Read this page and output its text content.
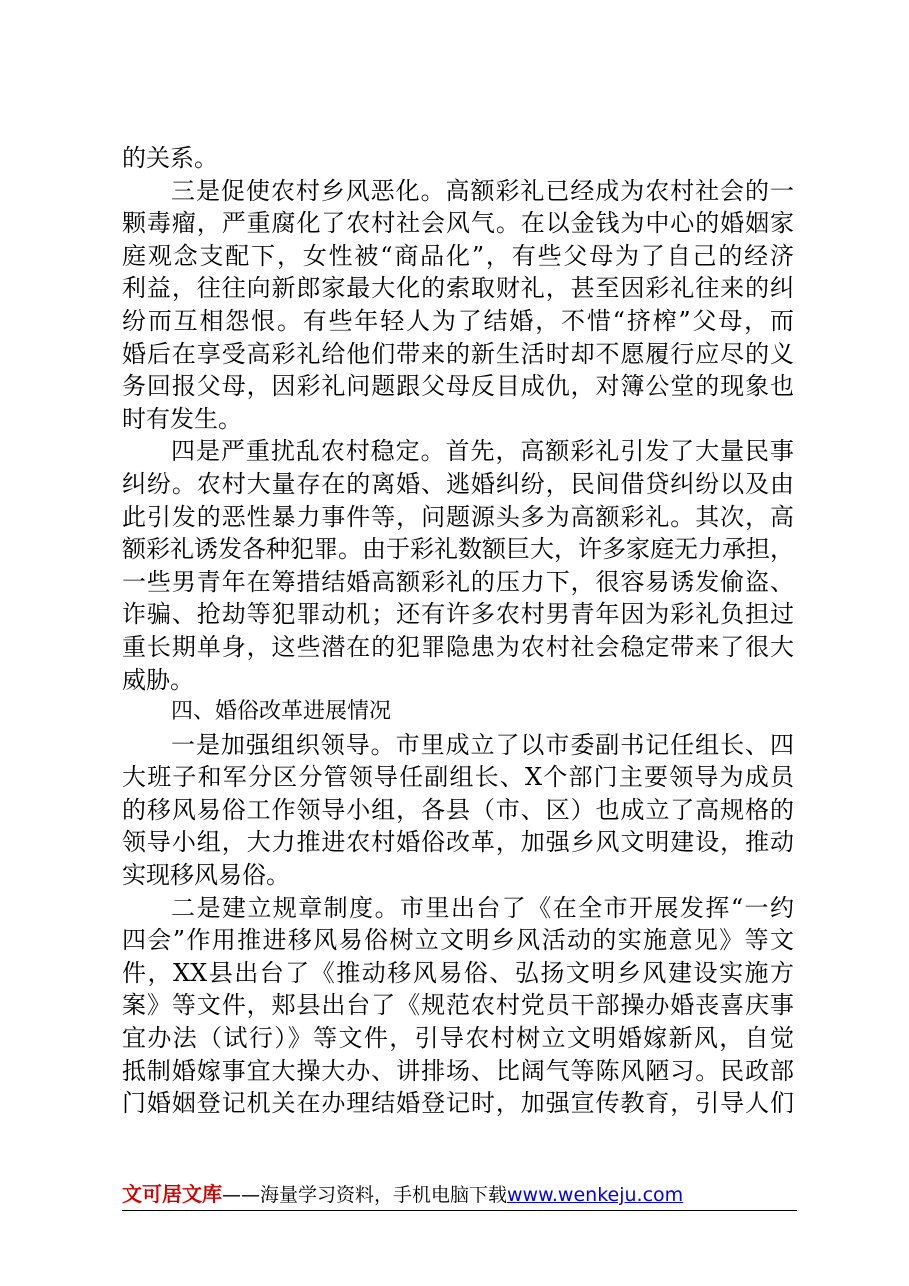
的关系。
三是促使农村乡风恶化。高额彩礼已经成为农村社会的一
颗毒瘤，严重腐化了农村社会风气。在以金钱为中心的婚姻家
庭观念支配下，女性被“商品化”，有些父母为了自己的经济
利益，往往向新郎家最大化的索取财礼，甚至因彩礼往来的纠
纷而互相怨恨。有些年轻人为了结婚，不惜“挤榨”父母，而
婚后在享受高彩礼给他们带来的新生活时却不愿履行应尽的义
务回报父母，因彩礼问题跟父母反目成仇，对簿公堂的现象也
时有发生。
四是严重扰乱农村稳定。首先，高额彩礼引发了大量民事
纠纷。农村大量存在的离婚、逃婚纠纷，民间借贷纠纷以及由
此引发的恶性暴力事件等，问题源头多为高额彩礼。其次，高
额彩礼诱发各种犯罪。由于彩礼数额巨大，许多家庭无力承担，
一些男青年在筹措结婚高额彩礼的压力下，很容易诱发偷盗、
诈骗、抢劫等犯罪动机；还有许多农村男青年因为彩礼负担过
重长期单身，这些潜在的犯罪隐患为农村社会稳定带来了很大
威胁。
四、婚俗改革进展情况
一是加强组织领导。市里成立了以市委副书记任组长、四
大班子和军分区分管领导任副组长、X个部门主要领导为成员
的移风易俗工作领导小组，各县（市、区）也成立了高规格的
领导小组，大力推进农村婚俗改革，加强乡风文明建设，推动
实现移风易俗。
二是建立规章制度。市里出台了《在全市开展发挥“一约
四会”作用推进移风易俗树立文明乡风活动的实施意见》等文
件，XX县出台了《推动移风易俗、弘扬文明乡风建设实施方
案》等文件，郏县出台了《规范农村党员干部操办婚丧喜庆事
宜办法（试行）》等文件，引导农村树立文明婚嫁新风，自觉
抵制婚嫁事宜大操大办、讲排场、比阔气等陈风陋习。民政部
门婚姻登记机关在办理结婚登记时，加强宣传教育，引导人们
文可居文库——海量学习资料，手机电脑下载www.wenkeju.com
